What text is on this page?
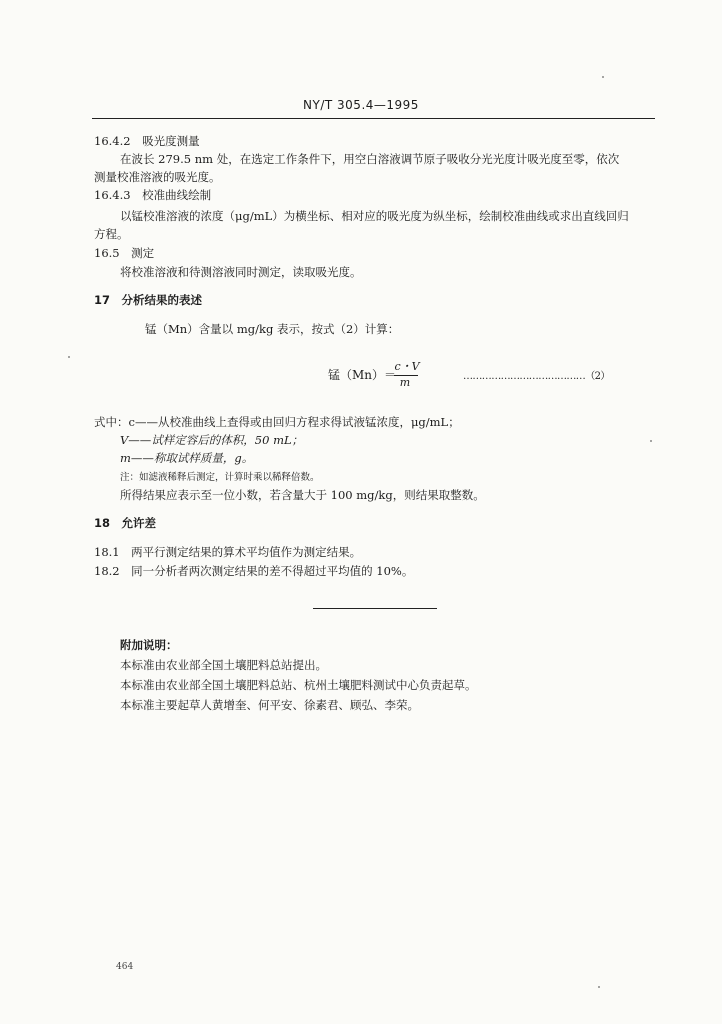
NY/T 305.4—1995
16.4.2　吸光度测量
在波长 279.5 nm 处，在选定工作条件下，用空白溶液调节原子吸收分光光度计吸光度至零，依次
测量校准溶液的吸光度。
16.4.3　校准曲线绘制
以锰校准溶液的浓度（μg/mL）为横坐标、相对应的吸光度为纵坐标，绘制校准曲线或求出直线回归
方程。
16.5　测定
将校准溶液和待测溶液同时测定，读取吸光度。
17　分析结果的表述
锰（Mn）含量以 mg/kg 表示，按式（2）计算：
锰（Mn）＝
c・V
m	…………………………………（2）
式中：c——从校准曲线上查得或由回归方程求得试液锰浓度，μg/mL；
V——试样定容后的体积，50 mL；
m——称取试样质量，g。
注：如滤液稀释后测定，计算时乘以稀释倍数。
所得结果应表示至一位小数，若含量大于 100 mg/kg，则结果取整数。
18　允许差
18.1　两平行测定结果的算术平均值作为测定结果。
18.2　同一分析者两次测定结果的差不得超过平均值的 10%。
附加说明：
本标准由农业部全国土壤肥料总站提出。
本标准由农业部全国土壤肥料总站、杭州土壤肥料测试中心负责起草。
本标准主要起草人黄增奎、何平安、徐素君、顾弘、李荣。
464
